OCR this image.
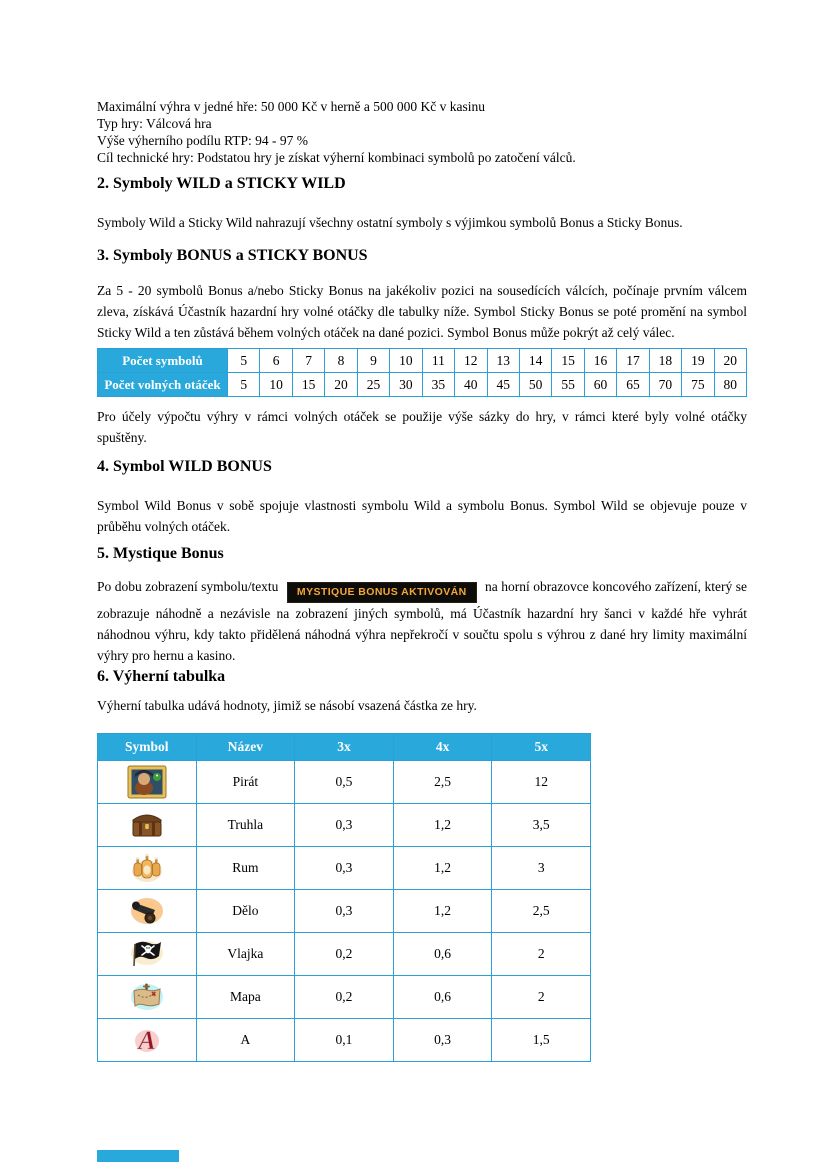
Maximální výhra v jedné hře: 50 000 Kč v herně a 500 000 Kč v kasinu
Typ hry: Válcová hra
Výše výherního podílu RTP: 94 - 97 %
Cíl technické hry: Podstatou hry je získat výherní kombinaci symbolů po zatočení válců.
2. Symboly WILD a STICKY WILD

Symboly Wild a Sticky Wild nahrazují všechny ostatní symboly s výjimkou symbolů Bonus a Sticky Bonus.

3. Symboly BONUS a STICKY BONUS

Za 5 - 20 symbolů Bonus a/nebo Sticky Bonus na jakékoliv pozici na sousedících válcích, počínaje prvním válcem zleva, získává Účastník hazardní hry volné otáčky dle tabulky níže. Symbol Sticky Bonus se poté promění na symbol Sticky Wild a ten zůstává během volných otáček na dané pozici. Symbol Bonus může pokrýt až celý válec.

Počet symbolů	5	6	7	8	9	10	11	12	13	14	15	16	17	18	19	20
Počet volných otáček	5	10	15	20	25	30	35	40	45	50	55	60	65	70	75	80

Pro účely výpočtu výhry v rámci volných otáček se použije výše sázky do hry, v rámci které byly volné otáčky spuštěny.

4. Symbol WILD BONUS

Symbol Wild Bonus v sobě spojuje vlastnosti symbolu Wild a symbolu Bonus. Symbol Wild se objevuje pouze v průběhu volných otáček.

5. Mystique Bonus

Po dobu zobrazení symbolu/textu MYSTIQUE BONUS AKTIVOVÁN na horní obrazovce koncového zařízení, který se zobrazuje náhodně a nezávisle na zobrazení jiných symbolů, má Účastník hazardní hry šanci v každé hře vyhrát náhodnou výhru, kdy takto přidělená náhodná výhra nepřekročí v součtu spolu s výhrou z dané hry limity maximální výhry pro hernu a kasino.

6. Výherní tabulka

Výherní tabulka udává hodnoty, jimiž se násobí vsazená částka ze hry.

Symbol	Název	3x	4x	5x

	Pirát	0,5	2,5	12

	Truhla	0,3	1,2	3,5

	Rum	0,3	1,2	3

	Dělo	0,3	1,2	2,5

	Vlajka	0,2	0,6	2

	Mapa	0,2	0,6	2

A	A	0,1	0,3	1,5
